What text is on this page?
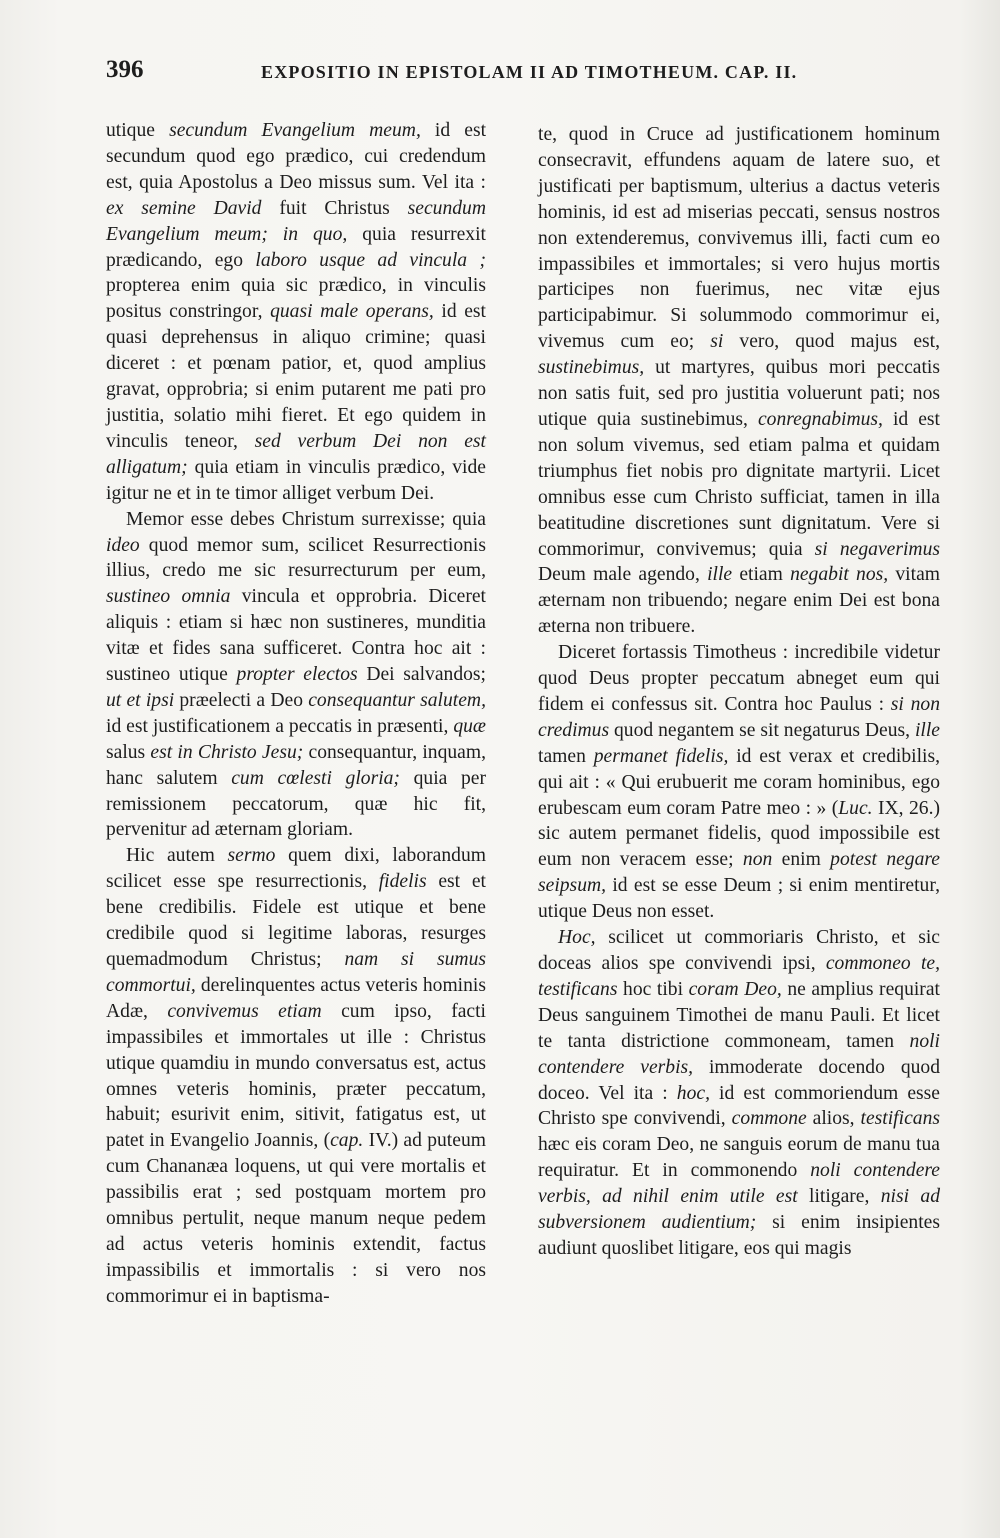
396	EXPOSITIO IN EPISTOLAM II AD TIMOTHEUM. CAP. II.

utique secundum Evangelium meum, id est secundum quod ego prædico, cui credendum est, quia Apostolus a Deo missus sum. Vel ita : ex semine David fuit Christus secundum Evangelium meum; in quo, quia resurrexit prædicando, ego laboro usque ad vincula ; propterea enim quia sic prædico, in vinculis positus constringor, quasi male operans, id est quasi deprehensus in aliquo crimine; quasi diceret : et pœnam patior, et, quod amplius gravat, opprobria; si enim putarent me pati pro justitia, solatio mihi fieret. Et ego quidem in vinculis teneor, sed verbum Dei non est alligatum; quia etiam in vinculis prædico, vide igitur ne et in te timor alliget verbum Dei.

Memor esse debes Christum surrexisse; quia ideo quod memor sum, scilicet Resurrectionis illius, credo me sic resurrecturum per eum, sustineo omnia vincula et opprobria. Diceret aliquis : etiam si hæc non sustineres, munditia vitæ et fides sana sufficeret. Contra hoc ait : sustineo utique propter electos Dei salvandos; ut et ipsi præelecti a Deo consequantur salutem, id est justificationem a peccatis in præsenti, quæ salus est in Christo Jesu; consequantur, inquam, hanc salutem cum cœlesti gloria; quia per remissionem peccatorum, quæ hic fit, pervenitur ad æternam gloriam.

Hic autem sermo quem dixi, laborandum scilicet esse spe resurrectionis, fidelis est et bene credibilis. Fidele est utique et bene credibile quod si legitime laboras, resurges quemadmodum Christus; nam si sumus commortui, derelinquentes actus veteris hominis Adæ, convivemus etiam cum ipso, facti impassibiles et immortales ut ille : Christus utique quamdiu in mundo conversatus est, actus omnes veteris hominis, præter peccatum, habuit; esurivit enim, sitivit, fatigatus est, ut patet in Evangelio Joannis, (cap. IV.) ad puteum cum Chananæa loquens, ut qui vere mortalis et passibilis erat ; sed postquam mortem pro omnibus pertulit, neque manum neque pedem ad actus veteris hominis extendit, factus impassibilis et immortalis : si vero nos commorimur ei in baptisma-

te, quod in Cruce ad justificationem hominum consecravit, effundens aquam de latere suo, et justificati per baptismum, ulterius a dactus veteris hominis, id est ad miserias peccati, sensus nostros non extenderemus, convivemus illi, facti cum eo impassibiles et immortales; si vero hujus mortis participes non fuerimus, nec vitæ ejus participabimur. Si solummodo commorimur ei, vivemus cum eo; si vero, quod majus est, sustinebimus, ut martyres, quibus mori peccatis non satis fuit, sed pro justitia voluerunt pati; nos utique quia sustinebimus, conregnabimus, id est non solum vivemus, sed etiam palma et quidam triumphus fiet nobis pro dignitate martyrii. Licet omnibus esse cum Christo sufficiat, tamen in illa beatitudine discretiones sunt dignitatum. Vere si commorimur, convivemus; quia si negaverimus Deum male agendo, ille etiam negabit nos, vitam æternam non tribuendo; negare enim Dei est bona æterna non tribuere.

Diceret fortassis Timotheus : incredibile videtur quod Deus propter peccatum abneget eum qui fidem ei confessus sit. Contra hoc Paulus : si non credimus quod negantem se sit negaturus Deus, ille tamen permanet fidelis, id est verax et credibilis, qui ait : « Qui erubuerit me coram hominibus, ego erubescam eum coram Patre meo : » (Luc. IX, 26.) sic autem permanet fidelis, quod impossibile est eum non veracem esse; non enim potest negare seipsum, id est se esse Deum ; si enim mentiretur, utique Deus non esset.

Hoc, scilicet ut commoriaris Christo, et sic doceas alios spe convivendi ipsi, commoneo te, testificans hoc tibi coram Deo, ne amplius requirat Deus sanguinem Timothei de manu Pauli. Et licet te tanta districtione commoneam, tamen noli contendere verbis, immoderate docendo quod doceo. Vel ita : hoc, id est commoriendum esse Christo spe convivendi, commone alios, testificans hæc eis coram Deo, ne sanguis eorum de manu tua requiratur. Et in commonendo noli contendere verbis, ad nihil enim utile est litigare, nisi ad subversionem audientium; si enim insipientes audiunt quoslibet litigare, eos qui magis
